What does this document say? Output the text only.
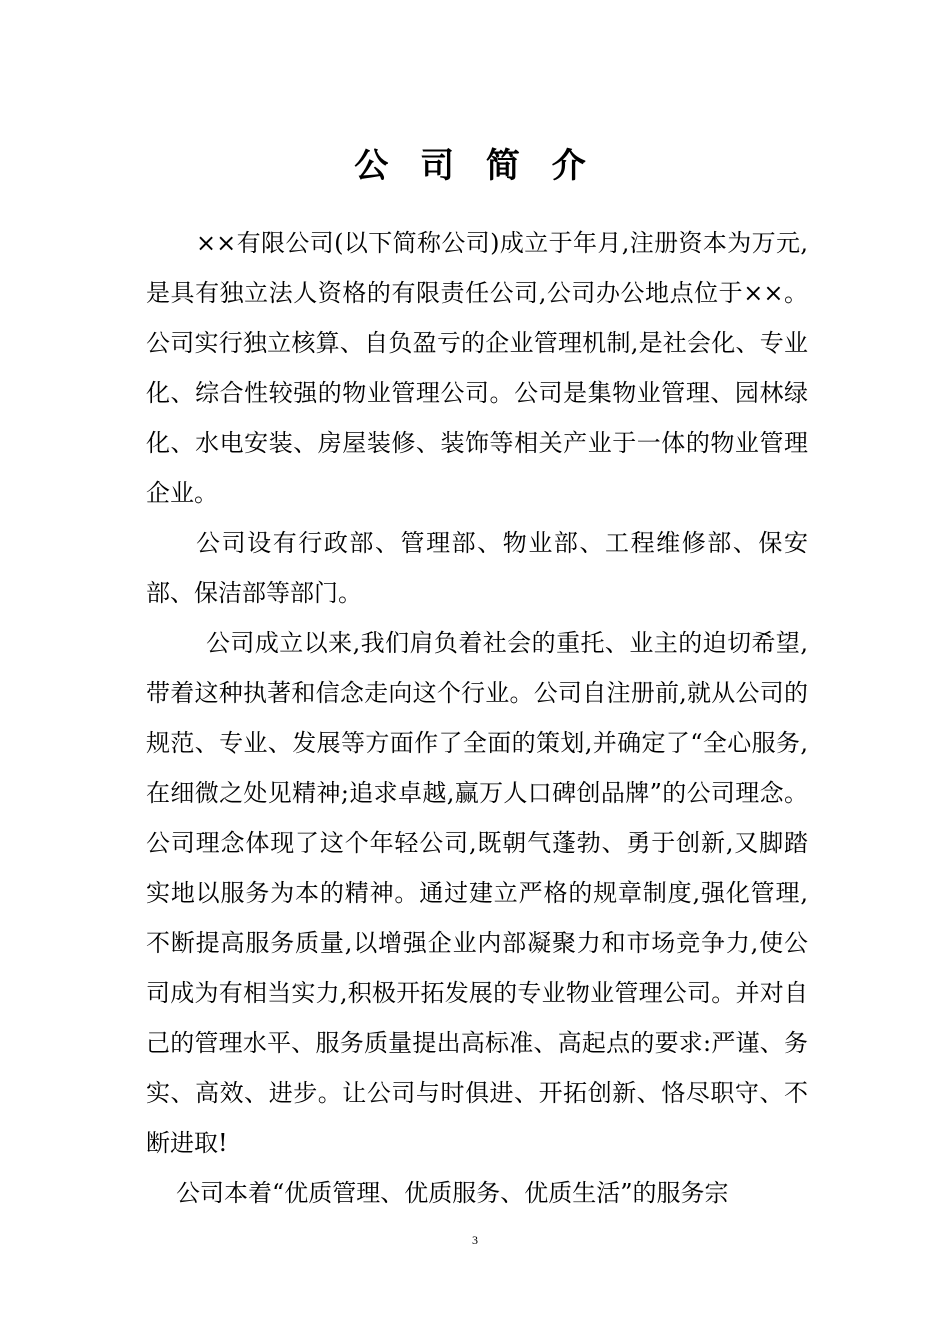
公 司 简 介

××有限公司(以下简称公司)成立于年月,注册资本为万元,是具有独立法人资格的有限责任公司,公司办公地点位于××。公司实行独立核算、自负盈亏的企业管理机制,是社会化、专业化、综合性较强的物业管理公司。公司是集物业管理、园林绿化、水电安装、房屋装修、装饰等相关产业于一体的物业管理企业。

公司设有行政部、管理部、物业部、工程维修部、保安部、保洁部等部门。

公司成立以来,我们肩负着社会的重托、业主的迫切希望,带着这种执著和信念走向这个行业。公司自注册前,就从公司的规范、专业、发展等方面作了全面的策划,并确定了“全心服务,在细微之处见精神;追求卓越,赢万人口碑创品牌”的公司理念。公司理念体现了这个年轻公司,既朝气蓬勃、勇于创新,又脚踏实地以服务为本的精神。通过建立严格的规章制度,强化管理,不断提高服务质量,以增强企业内部凝聚力和市场竞争力,使公司成为有相当实力,积极开拓发展的专业物业管理公司。并对自己的管理水平、服务质量提出高标准、高起点的要求:严谨、务实、高效、进步。让公司与时俱进、开拓创新、恪尽职守、不断进取!

公司本着“优质管理、优质服务、优质生活”的服务宗

3
